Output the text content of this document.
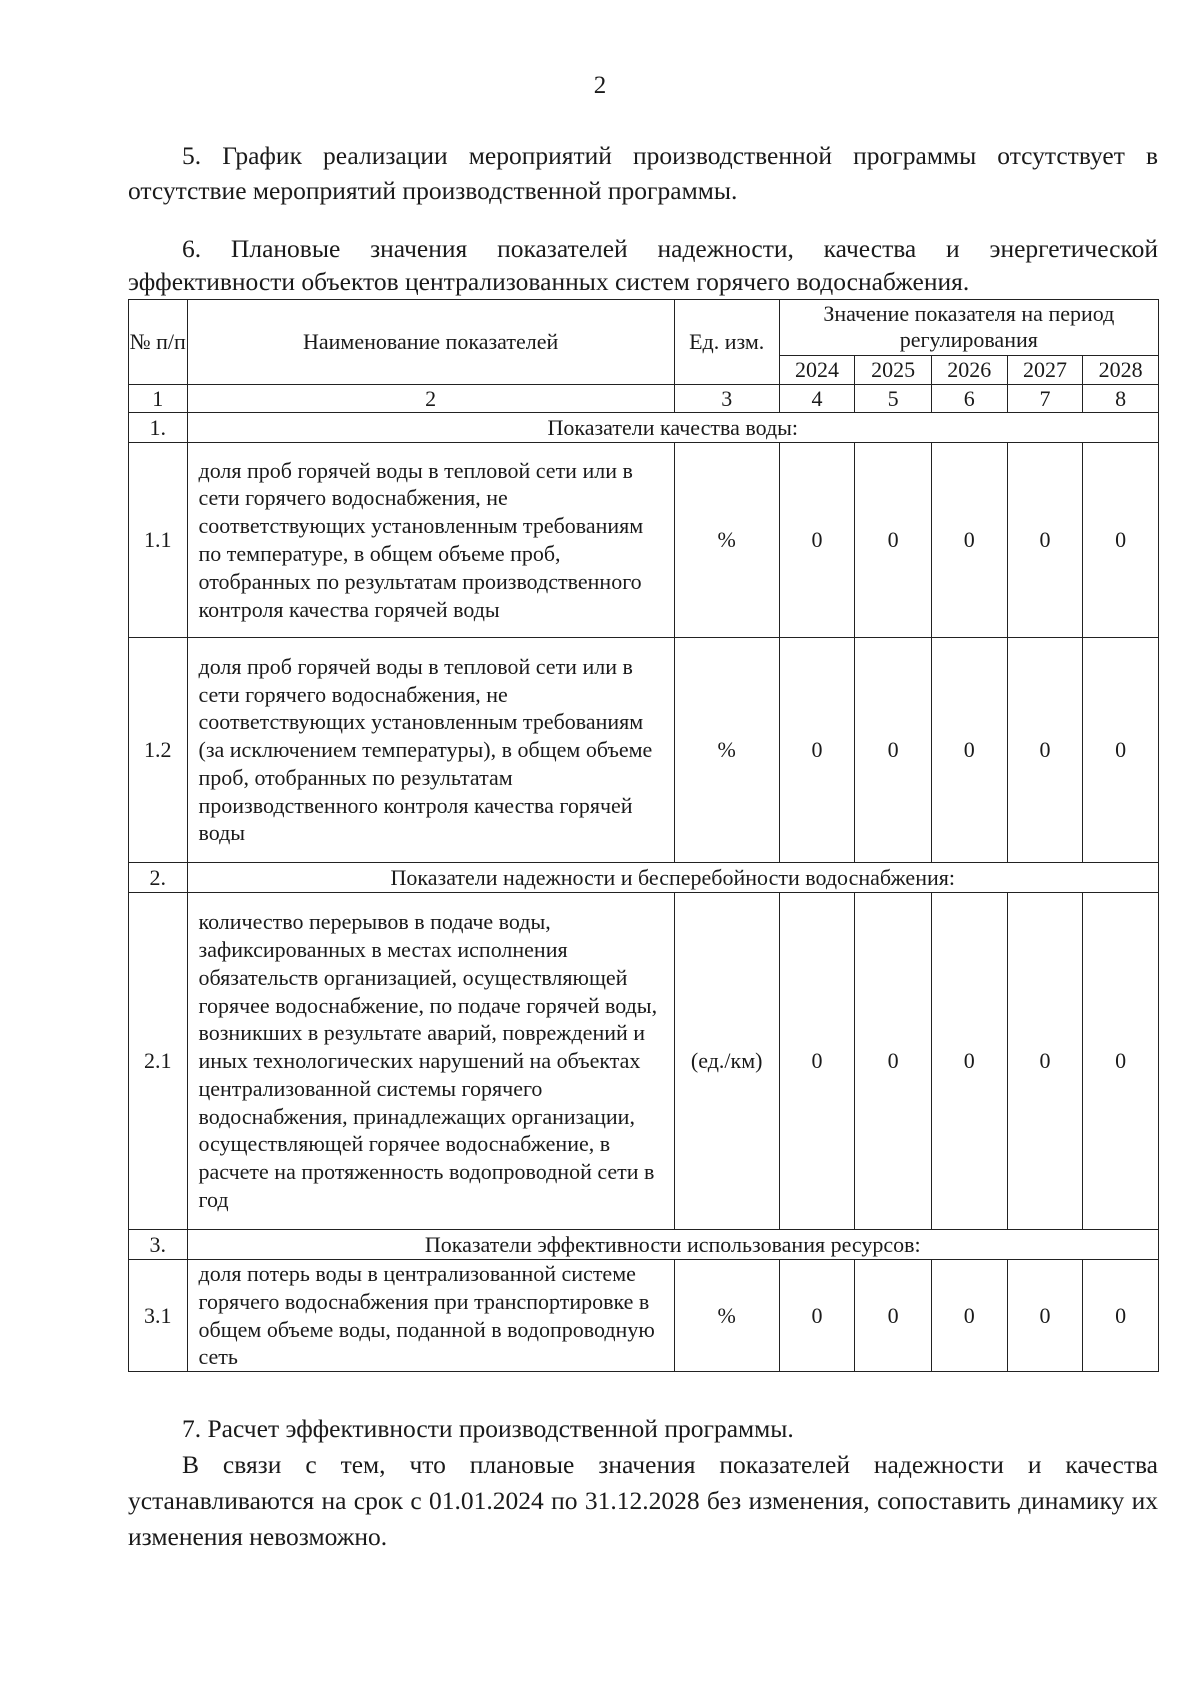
2

5. График реализации мероприятий производственной программы отсутствует в отсутствие мероприятий производственной программы.

6. Плановые значения показателей надежности, качества и энергетической
эффективности объектов централизованных систем горячего водоснабжения.
№ п/п	Наименование показателей	Ед. изм.	Значение показателя на период регулирования				
			2024	2025	2026	2027	2028
1	2	3	4	5	6	7	8
1.	Показатели качества воды:						
1.1	доля проб горячей воды в тепловой сети или в сети горячего водоснабжения, не соответствующих установленным требованиям по температуре, в общем объеме проб, отобранных по результатам производственного контроля качества горячей воды	%	0	0	0	0	0
1.2	доля проб горячей воды в тепловой сети или в сети горячего водоснабжения, не соответствующих установленным требованиям (за исключением температуры), в общем объеме проб, отобранных по результатам производственного контроля качества горячей воды	%	0	0	0	0	0
2.	Показатели надежности и бесперебойности водоснабжения:						
2.1	количество перерывов в подаче воды, зафиксированных в местах исполнения обязательств организацией, осуществляющей горячее водоснабжение, по подаче горячей воды, возникших в результате аварий, повреждений и иных технологических нарушений на объектах централизованной системы горячего водоснабжения, принадлежащих организации, осуществляющей горячее водоснабжение, в расчете на протяженность водопроводной сети в год	(ед./км)	0	0	0	0	0
3.	Показатели эффективности использования ресурсов:						
3.1	доля потерь воды в централизованной системе горячего водоснабжения при транспортировке в общем объеме воды, поданной в водопроводную сеть	%	0	0	0	0	0
7. Расчет эффективности производственной программы.
В связи с тем, что плановые значения показателей надежности и качества устанавливаются на срок с 01.01.2024 по 31.12.2028 без изменения, сопоставить динамику их изменения невозможно.
